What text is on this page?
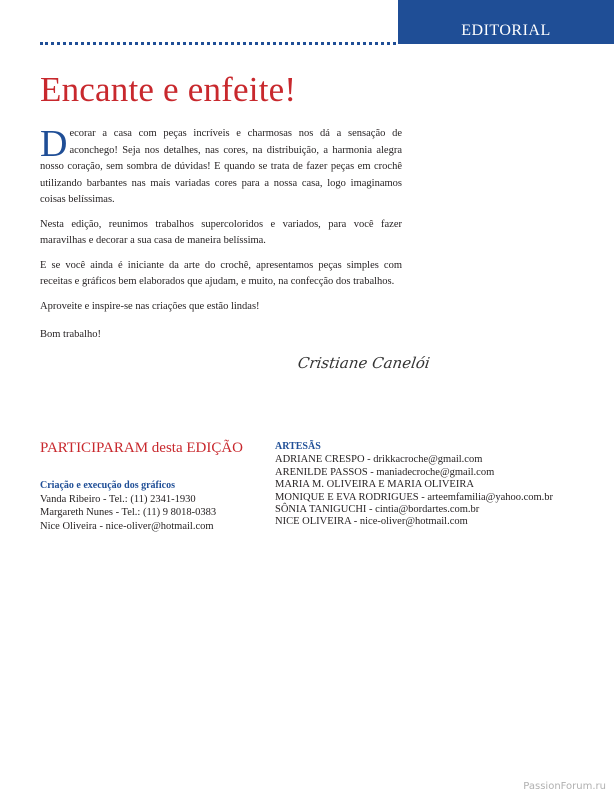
EDITORIAL
Encante e enfeite!

Decorar a casa com peças incríveis e charmosas nos dá a sensação de aconchego! Seja nos detalhes, nas cores, na distribuição, a harmonia alegra nosso coração, sem sombra de dúvidas! E quando se trata de fazer peças em crochê utilizando barbantes nas mais variadas cores para a nossa casa, logo imaginamos coisas belíssimas.

Nesta edição, reunimos trabalhos supercoloridos e variados, para você fazer maravilhas e decorar a sua casa de maneira belíssima.

E se você ainda é iniciante da arte do crochê, apresentamos peças simples com receitas e gráficos bem elaborados que ajudam, e muito, na confecção dos trabalhos.

Aproveite e inspire-se nas criações que estão lindas!

Bom trabalho!

Cristiane Canelói
PARTICIPARAM desta EDIÇÃO
Criação e execução dos gráficos
Vanda Ribeiro - Tel.: (11) 2341-1930
Margareth Nunes - Tel.: (11) 9 8018-0383
Nice Oliveira - nice-oliver@hotmail.com
ARTESÃS
ADRIANE CRESPO - drikkacroche@gmail.com
ARENILDE PASSOS - maniadecroche@gmail.com
MARIA M. OLIVEIRA E MARIA OLIVEIRA
MONIQUE E EVA RODRIGUES - arteemfamilia@yahoo.com.br
SÔNIA TANIGUCHI - cintia@bordartes.com.br
NICE OLIVEIRA - nice-oliver@hotmail.com
PassionForum.ru
